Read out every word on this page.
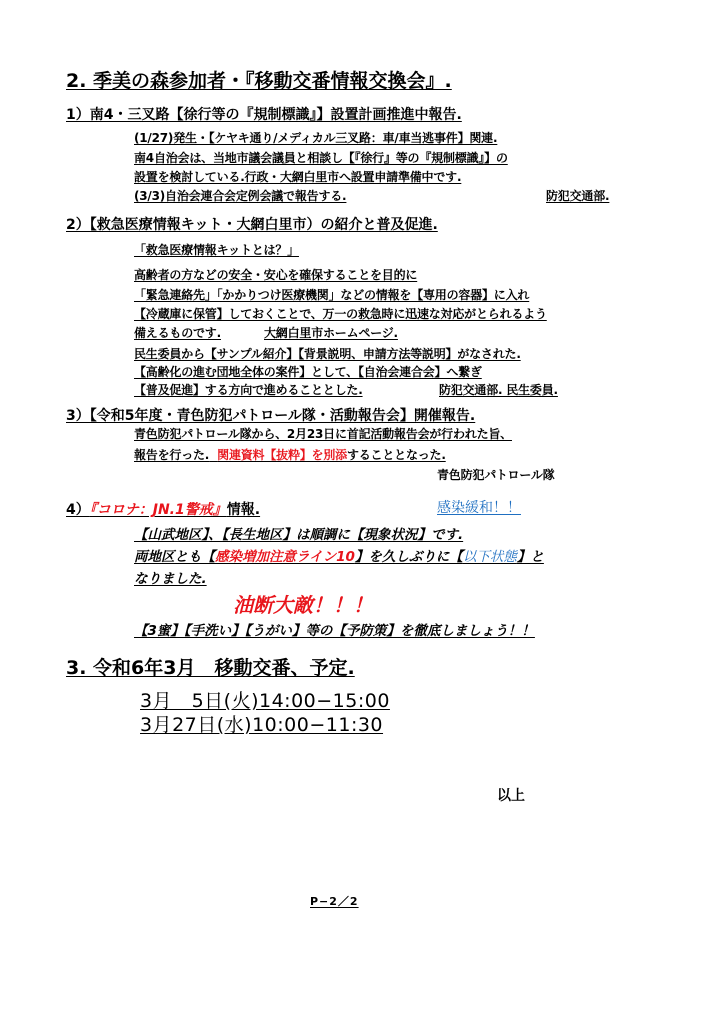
2. 季美の森参加者・『移動交番情報交換会』.
1）南4・三叉路【徐行等の『規制標識』】設置計画推進中報告.
(1/27)発生・【ケヤキ通り/メディカル三叉路：車/車当逃事件】関連.
南4自治会は、当地市議会議員と相談し【『徐行』等の『規制標識』】の
設置を検討している.行政・大網白里市へ設置申請準備中です.
(3/3)自治会連合会定例会議で報告する.	防犯交通部.
2）【救急医療情報キット・大網白里市）の紹介と普及促進.
「救急医療情報キットとは？」
高齢者の方などの安全・安心を確保することを目的に
「緊急連絡先」「かかりつけ医療機関」などの情報を【専用の容器】に入れ
【冷蔵庫に保管】しておくことで、万一の救急時に迅速な対応がとられるよう
備えるものです.	大網白里市ホームページ.
民生委員から【サンプル紹介】【背景説明、申請方法等説明】がなされた.
【高齢化の進む団地全体の案件】として、【自治会連合会】へ繋ぎ
【普及促進】する方向で進めることとした.	防犯交通部. 民生委員.
3）【令和5年度・青色防犯パトロール隊・活動報告会】開催報告.
青色防犯パトロール隊から、2月23日に首記活動報告会が行われた旨、
報告を行った. 関連資料【抜粋】を別添することとなった.
青色防犯パトロール隊
4）『コロナ：JN.1警戒』情報.	感染緩和！！
【山武地区】、【長生地区】は順調に【現象状況】です.
両地区とも【感染増加注意ライン10】を久しぶりに【以下状態】と
なりました.
油断大敵！！！
【3蜜】【手洗い】【うがい】等の【予防策】を徹底しましょう！！
3. 令和6年3月　移動交番、予定.
3月　5日(火)14:00−15:00
3月27日(水)10:00−11:30
以上
P−2／2
